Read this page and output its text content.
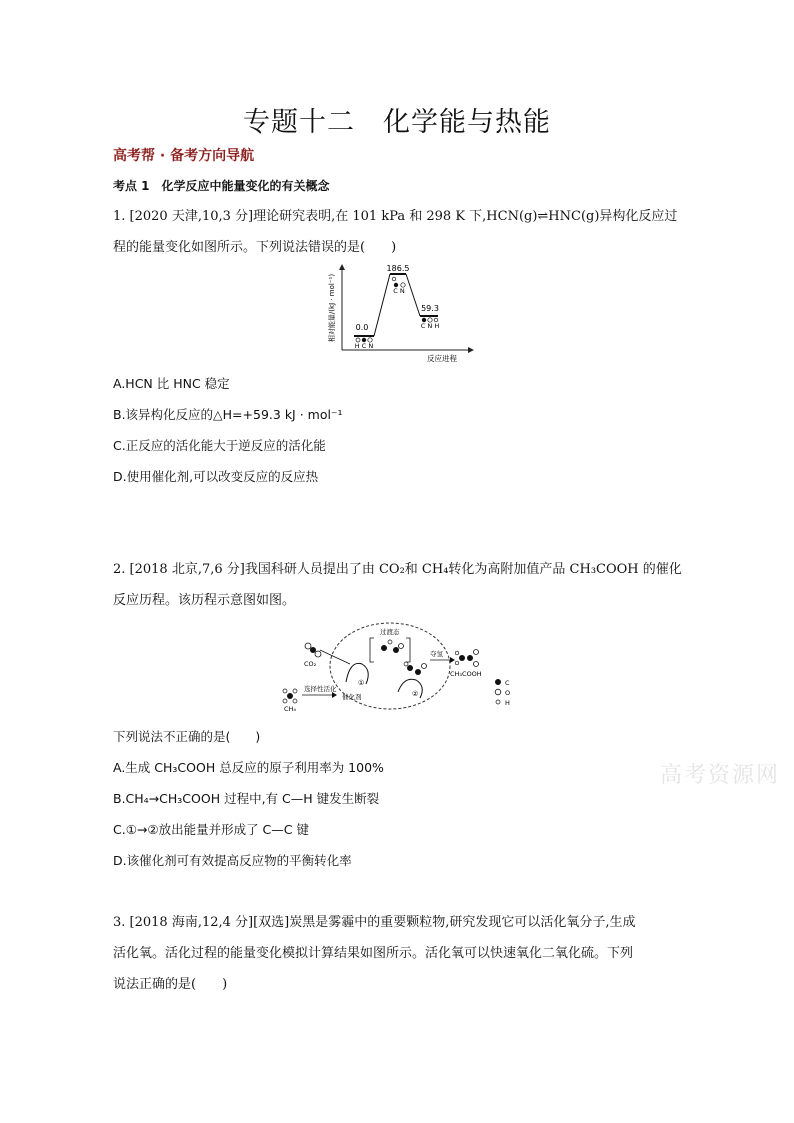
专题十二　化学能与热能
高考帮 · 备考方向导航
考点 1　化学反应中能量变化的有关概念
1. [2020 天津,10,3 分]理论研究表明,在 101 kPa 和 298 K 下,HCN(g)⇌HNC(g)异构化反应过
程的能量变化如图所示。下列说法错误的是(　　)
相对能量/(kJ · mol⁻¹)
反应进程
0.0
186.5
59.3
H C N
C N
C N H
A.HCN 比 HNC 稳定
B.该异构化反应的△H=+59.3 kJ · mol⁻¹
C.正反应的活化能大于逆反应的活化能
D.使用催化剂,可以改变反应的反应热
2. [2018 北京,7,6 分]我国科研人员提出了由 CO₂和 CH₄转化为高附加值产品 CH₃COOH 的催化
反应历程。该历程示意图如图。
CO₂
CH₄
选择性活化
催化剂
①
过渡态
②
夺氢
CH₃COOH
C
O
H
下列说法不正确的是(　　)
A.生成 CH₃COOH 总反应的原子利用率为 100%
B.CH₄→CH₃COOH 过程中,有 C—H 键发生断裂
C.①→②放出能量并形成了 C—C 键
D.该催化剂可有效提高反应物的平衡转化率
高考资源网
3. [2018 海南,12,4 分][双选]炭黑是雾霾中的重要颗粒物,研究发现它可以活化氧分子,生成
活化氧。活化过程的能量变化模拟计算结果如图所示。活化氧可以快速氧化二氧化硫。下列
说法正确的是(　　)
